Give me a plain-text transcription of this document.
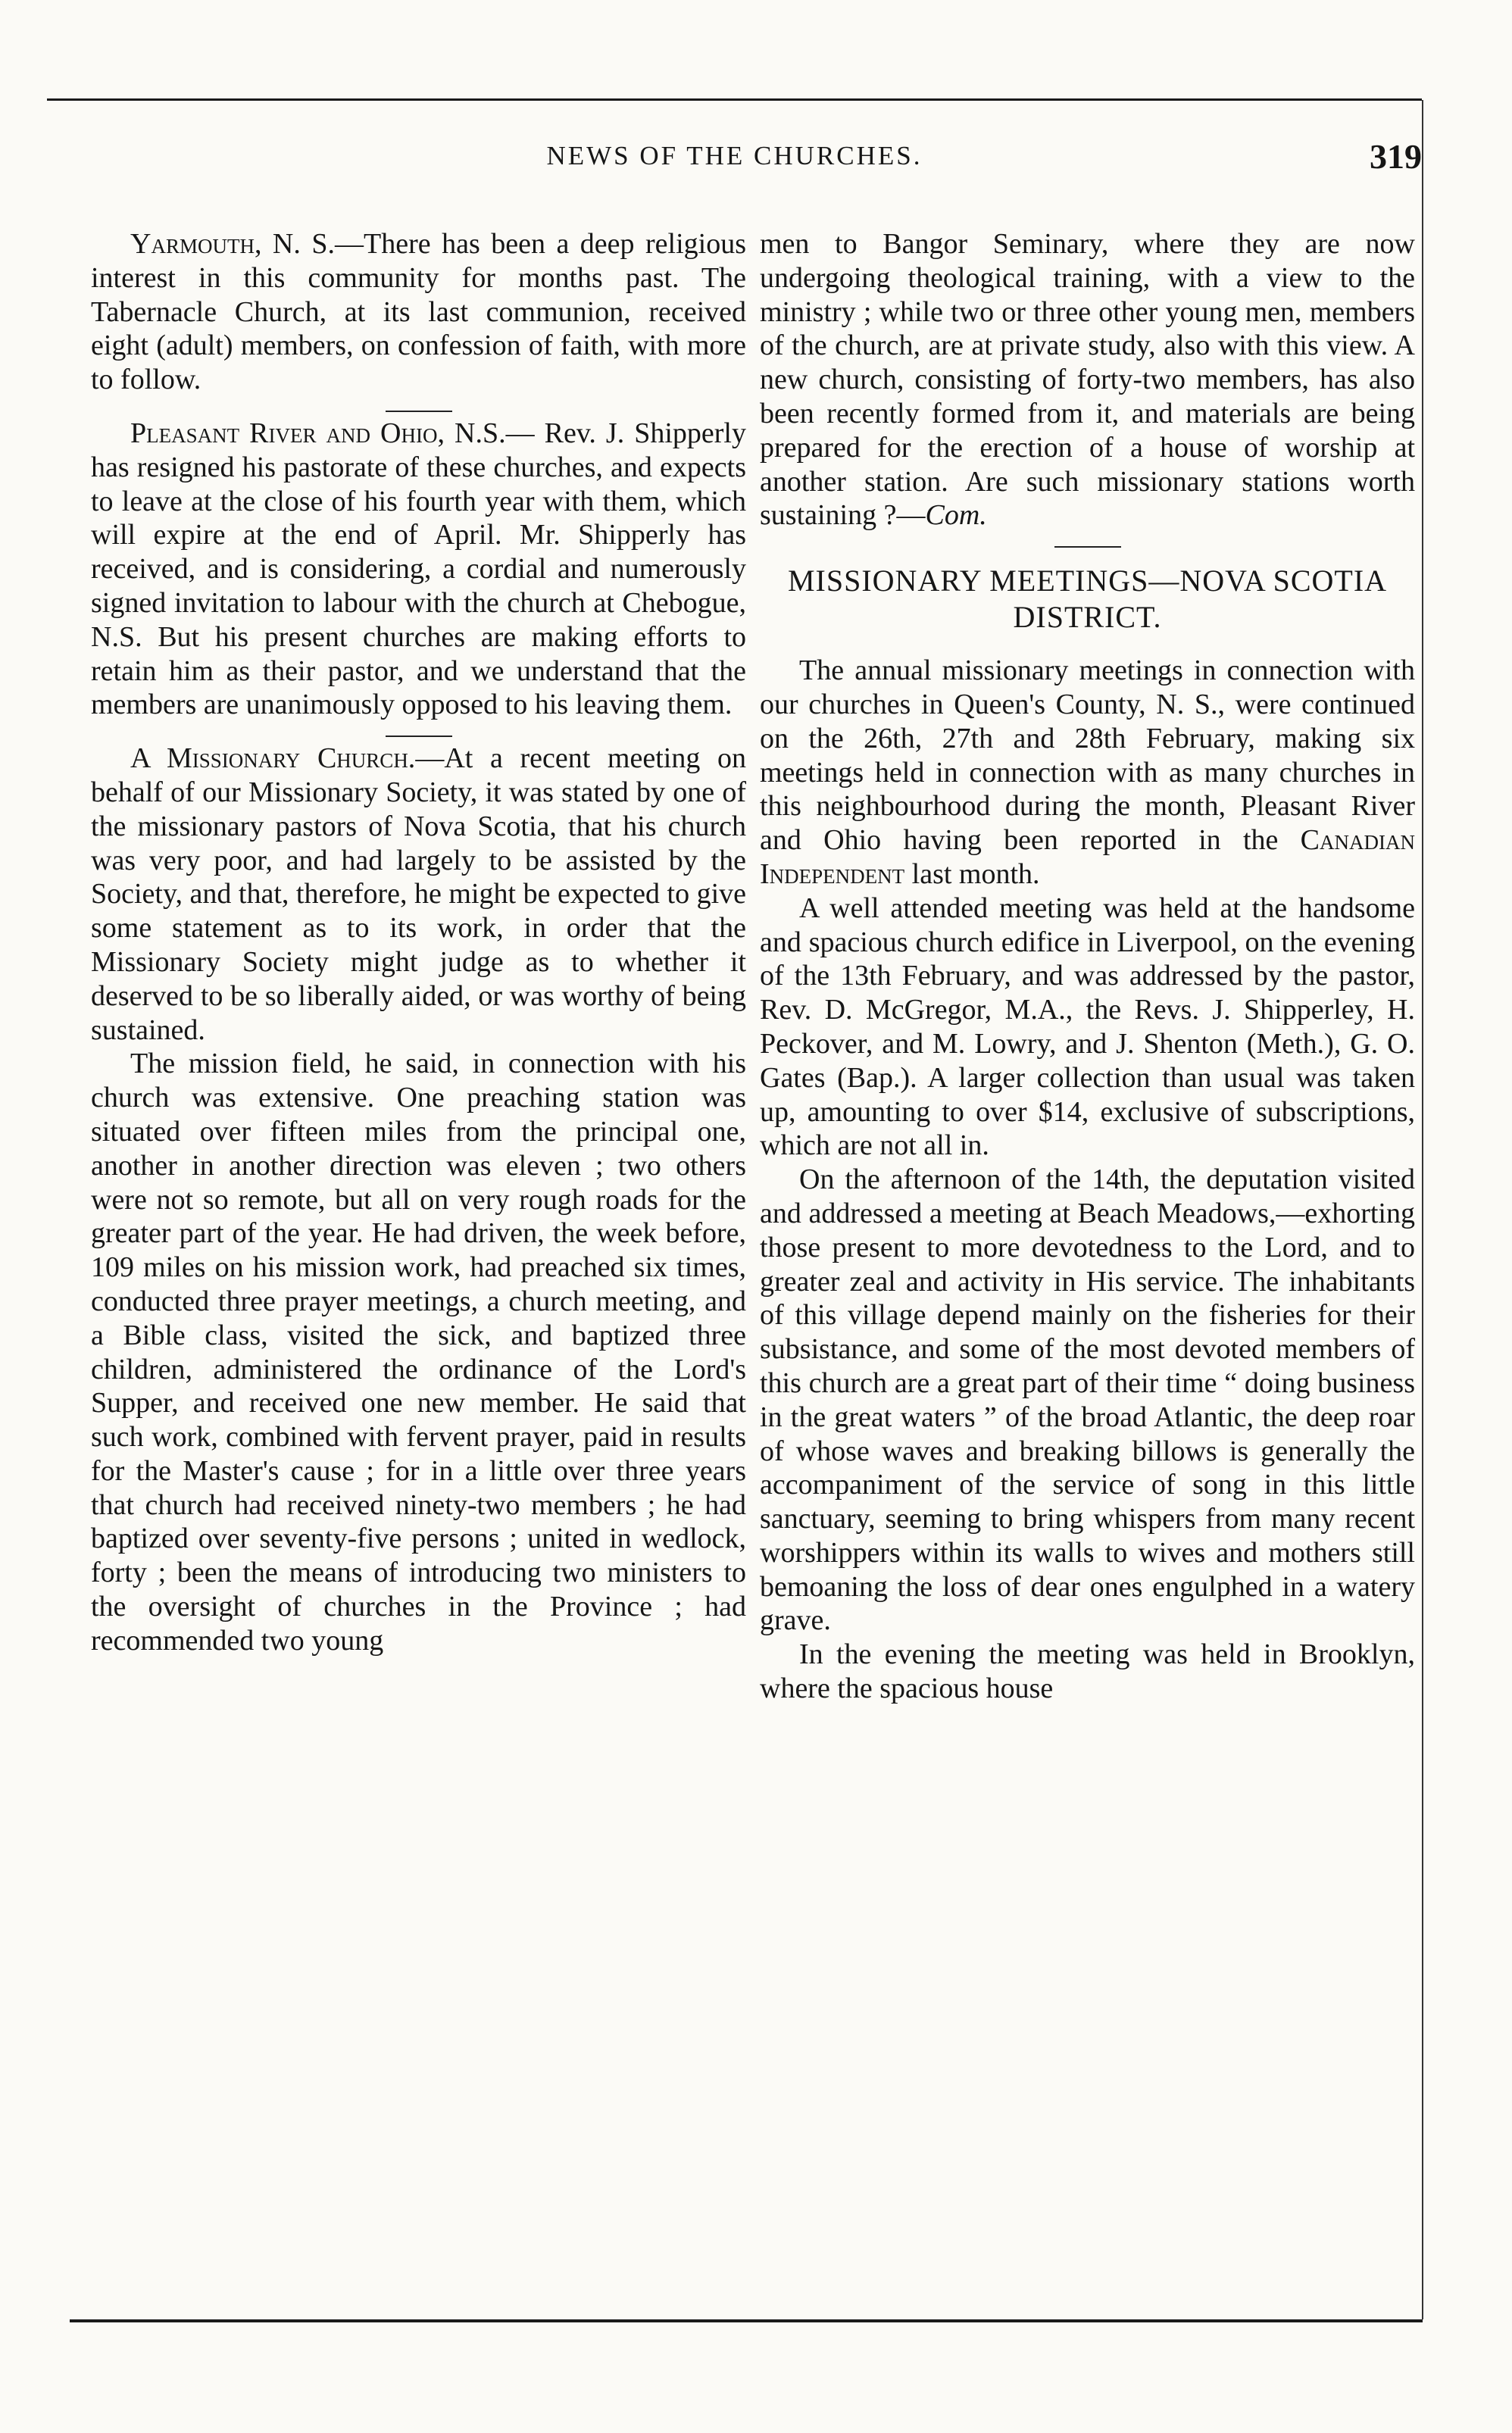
NEWS OF THE CHURCHES.	319

Yarmouth, N. S.—There has been a deep religious interest in this community for months past. The Tabernacle Church, at its last communion, received eight (adult) members, on confession of faith, with more to follow.

Pleasant River and Ohio, N.S.— Rev. J. Shipperly has resigned his pastorate of these churches, and expects to leave at the close of his fourth year with them, which will expire at the end of April. Mr. Shipperly has received, and is considering, a cordial and numerously signed invitation to labour with the church at Chebogue, N.S. But his present churches are making efforts to retain him as their pastor, and we understand that the members are unanimously opposed to his leaving them.

A Missionary Church.—At a recent meeting on behalf of our Missionary Society, it was stated by one of the missionary pastors of Nova Scotia, that his church was very poor, and had largely to be assisted by the Society, and that, therefore, he might be expected to give some statement as to its work, in order that the Missionary Society might judge as to whether it deserved to be so liberally aided, or was worthy of being sustained.

The mission field, he said, in connection with his church was extensive. One preaching station was situated over fifteen miles from the principal one, another in another direction was eleven ; two others were not so remote, but all on very rough roads for the greater part of the year. He had driven, the week before, 109 miles on his mission work, had preached six times, conducted three prayer meetings, a church meeting, and a Bible class, visited the sick, and baptized three children, administered the ordinance of the Lord's Supper, and received one new member. He said that such work, combined with fervent prayer, paid in results for the Master's cause ; for in a little over three years that church had received ninety-two members ; he had baptized over seventy-five persons ; united in wedlock, forty ; been the means of introducing two ministers to the oversight of churches in the Province ; had recommended two young

men to Bangor Seminary, where they are now undergoing theological training, with a view to the ministry ; while two or three other young men, members of the church, are at private study, also with this view. A new church, consisting of forty-two members, has also been recently formed from it, and materials are being prepared for the erection of a house of worship at another station. Are such missionary stations worth sustaining ?—Com.

MISSIONARY MEETINGS—NOVA SCOTIA DISTRICT.

The annual missionary meetings in connection with our churches in Queen's County, N. S., were continued on the 26th, 27th and 28th February, making six meetings held in connection with as many churches in this neighbourhood during the month, Pleasant River and Ohio having been reported in the Canadian Independent last month.

A well attended meeting was held at the handsome and spacious church edifice in Liverpool, on the evening of the 13th February, and was addressed by the pastor, Rev. D. McGregor, M.A., the Revs. J. Shipperley, H. Peckover, and M. Lowry, and J. Shenton (Meth.), G. O. Gates (Bap.). A larger collection than usual was taken up, amounting to over $14, exclusive of subscriptions, which are not all in.

On the afternoon of the 14th, the deputation visited and addressed a meeting at Beach Meadows,—exhorting those present to more devotedness to the Lord, and to greater zeal and activity in His service. The inhabitants of this village depend mainly on the fisheries for their subsistance, and some of the most devoted members of this church are a great part of their time “ doing business in the great waters ” of the broad Atlantic, the deep roar of whose waves and breaking billows is generally the accompaniment of the service of song in this little sanctuary, seeming to bring whispers from many recent worshippers within its walls to wives and mothers still bemoaning the loss of dear ones engulphed in a watery grave.

In the evening the meeting was held in Brooklyn, where the spacious house
